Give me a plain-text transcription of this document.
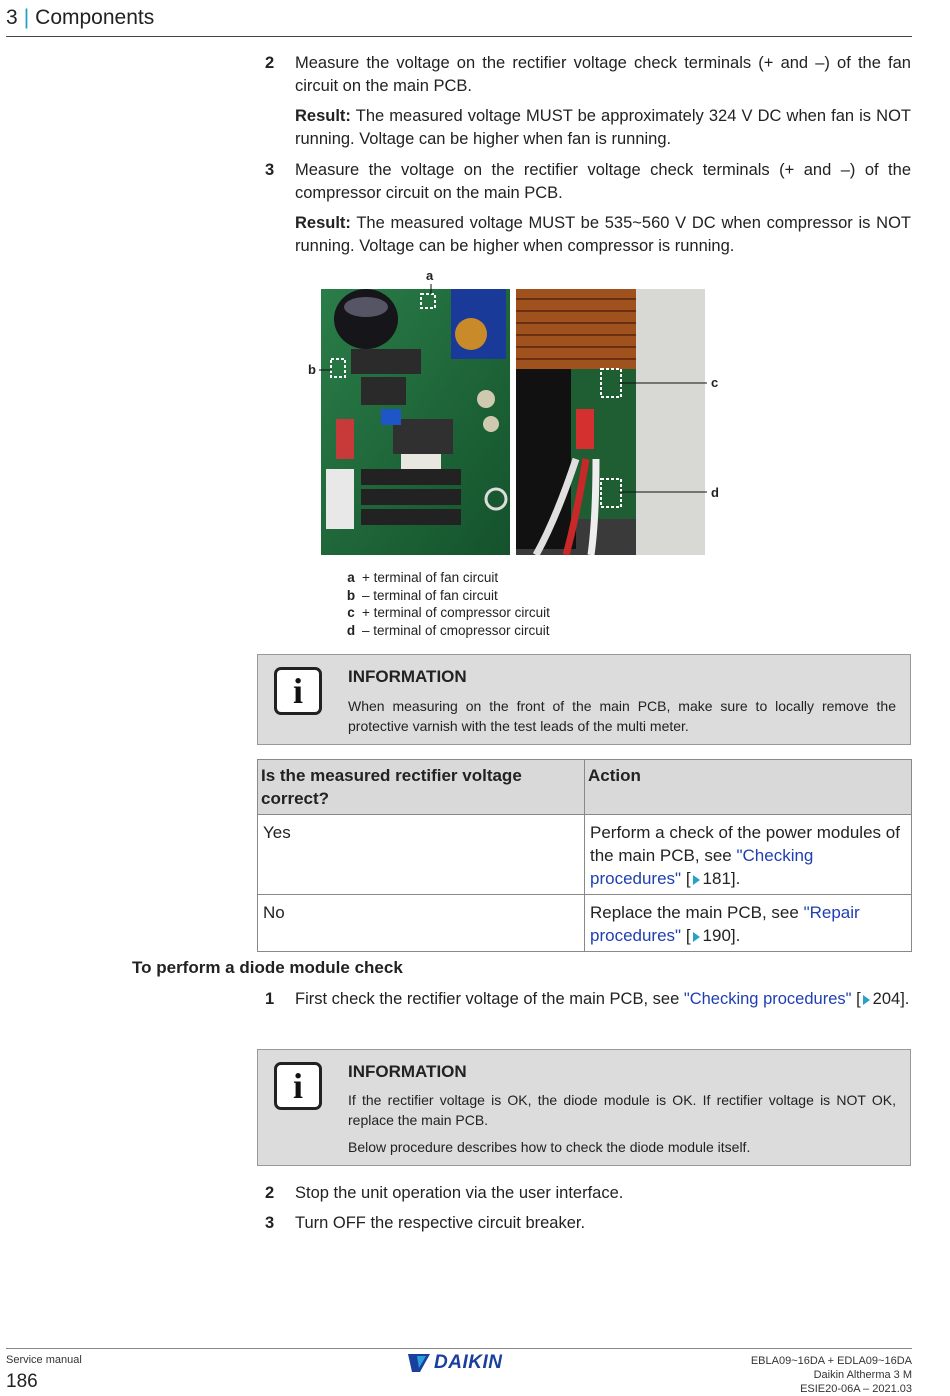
3 | Components
2 Measure the voltage on the rectifier voltage check terminals (+ and –) of the fan circuit on the main PCB.
Result: The measured voltage MUST be approximately 324 V DC when fan is NOT running. Voltage can be higher when fan is running.
3 Measure the voltage on the rectifier voltage check terminals (+ and –) of the compressor circuit on the main PCB.
Result: The measured voltage MUST be 535~560 V DC when compressor is NOT running. Voltage can be higher when compressor is running.
a
b
c
d
a + terminal of fan circuit
b – terminal of fan circuit
c + terminal of compressor circuit
d – terminal of cmopressor circuit
i	INFORMATION
When measuring on the front of the main PCB, make sure to locally remove the protective varnish with the test leads of the multi meter.
Is the measured rectifier voltage correct?	Action
Yes	Perform a check of the power modules of the main PCB, see "Checking procedures" [ 181].
No	Replace the main PCB, see "Repair procedures" [ 190].
To perform a diode module check
1 First check the rectifier voltage of the main PCB, see "Checking procedures" [ 204].
i	INFORMATION
If the rectifier voltage is OK, the diode module is OK. If rectifier voltage is NOT OK, replace the main PCB.
Below procedure describes how to check the diode module itself.
2 Stop the unit operation via the user interface.
3 Turn OFF the respective circuit breaker.
Service manual
186
DAIKIN	EBLA09~16DA + EDLA09~16DA
Daikin Altherma 3 M
ESIE20-06A – 2021.03
